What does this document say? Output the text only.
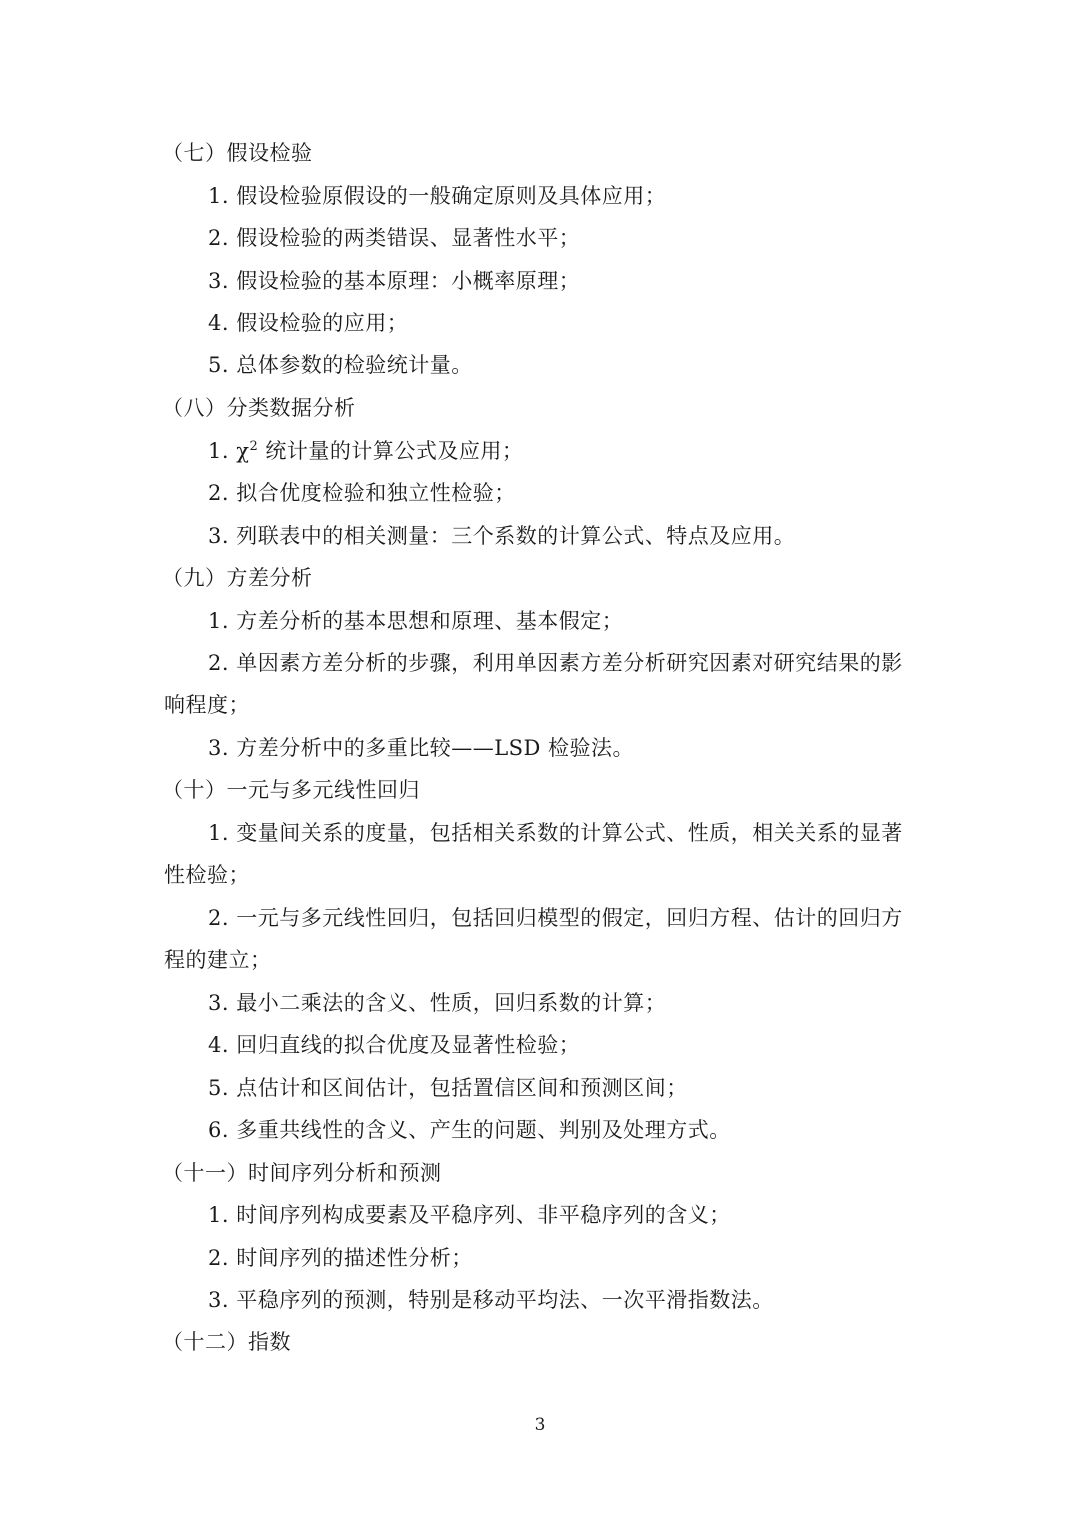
（七）假设检验
1. 假设检验原假设的一般确定原则及具体应用；
2. 假设检验的两类错误、显著性水平；
3. 假设检验的基本原理：小概率原理；
4. 假设检验的应用；
5. 总体参数的检验统计量。
（八）分类数据分析
1. $\chi^2$ 统计量的计算公式及应用；
2. 拟合优度检验和独立性检验；
3. 列联表中的相关测量：三个系数的计算公式、特点及应用。
（九）方差分析
1. 方差分析的基本思想和原理、基本假定；
2. 单因素方差分析的步骤，利用单因素方差分析研究因素对研究结果的影
响程度；
3. 方差分析中的多重比较——LSD 检验法。
（十）一元与多元线性回归
1. 变量间关系的度量，包括相关系数的计算公式、性质，相关关系的显著
性检验；
2. 一元与多元线性回归，包括回归模型的假定，回归方程、估计的回归方
程的建立；
3. 最小二乘法的含义、性质，回归系数的计算；
4. 回归直线的拟合优度及显著性检验；
5. 点估计和区间估计，包括置信区间和预测区间；
6. 多重共线性的含义、产生的问题、判别及处理方式。
（十一）时间序列分析和预测
1. 时间序列构成要素及平稳序列、非平稳序列的含义；
2. 时间序列的描述性分析；
3. 平稳序列的预测，特别是移动平均法、一次平滑指数法。
（十二）指数
3
